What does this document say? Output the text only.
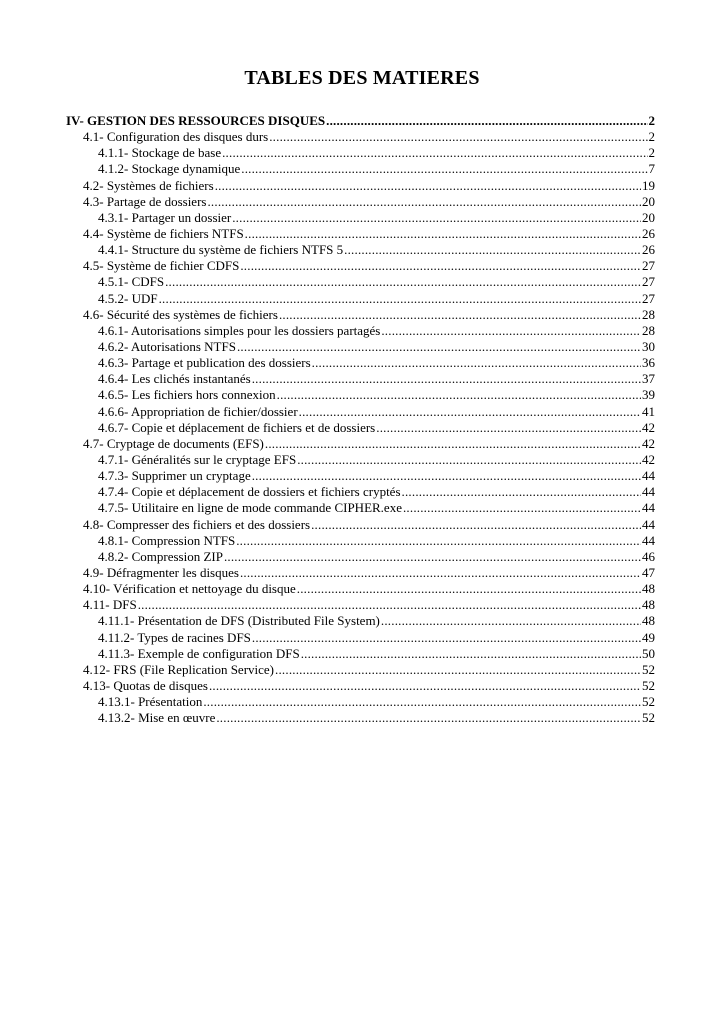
TABLES DES MATIERES
IV- GESTION DES RESSOURCES DISQUES .....	2
4.1- Configuration des disques durs .....	2
4.1.1- Stockage de base .....	2
4.1.2- Stockage dynamique .....	7
4.2- Systèmes de fichiers .....	19
4.3- Partage de dossiers .....	20
4.3.1- Partager un dossier .....	20
4.4- Système de fichiers NTFS .....	26
4.4.1- Structure du système de fichiers NTFS 5 .....	26
4.5- Système de fichier CDFS .....	27
4.5.1- CDFS .....	27
4.5.2- UDF .....	27
4.6- Sécurité des systèmes de fichiers .....	28
4.6.1- Autorisations simples pour les dossiers partagés .....	28
4.6.2- Autorisations NTFS .....	30
4.6.3- Partage et publication des dossiers .....	36
4.6.4- Les clichés instantanés .....	37
4.6.5- Les fichiers hors connexion .....	39
4.6.6- Appropriation de fichier/dossier .....	41
4.6.7- Copie et déplacement de fichiers et de dossiers .....	42
4.7- Cryptage de documents (EFS) .....	42
4.7.1- Généralités sur le cryptage EFS .....	42
4.7.3- Supprimer un cryptage .....	44
4.7.4- Copie et déplacement de dossiers et fichiers cryptés .....	44
4.7.5- Utilitaire en ligne de mode commande CIPHER.exe .....	44
4.8- Compresser des fichiers et des dossiers .....	44
4.8.1- Compression NTFS .....	44
4.8.2- Compression ZIP .....	46
4.9- Défragmenter les disques .....	47
4.10- Vérification et nettoyage du disque .....	48
4.11- DFS .....	48
4.11.1- Présentation de DFS (Distributed File System) .....	48
4.11.2- Types de racines DFS .....	49
4.11.3- Exemple de configuration DFS .....	50
4.12- FRS (File Replication Service) .....	52
4.13- Quotas de disques .....	52
4.13.1- Présentation .....	52
4.13.2- Mise en œuvre .....	52
